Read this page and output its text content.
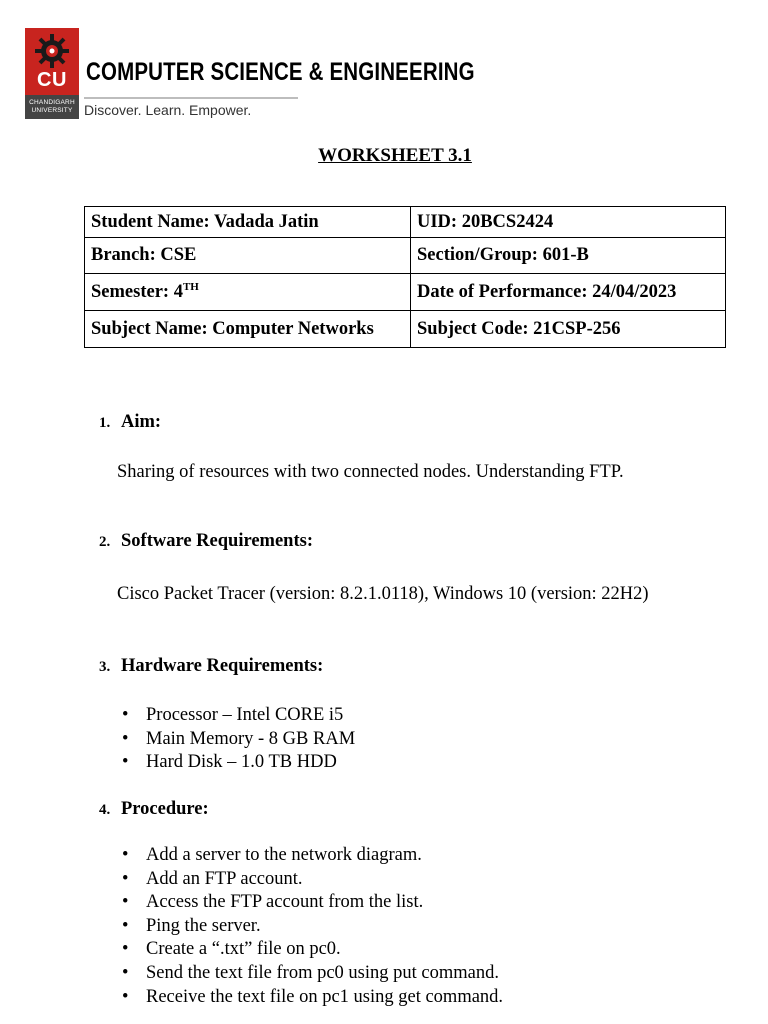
CU
CHANDIGARH UNIVERSITY
COMPUTER SCIENCE & ENGINEERING
Discover. Learn. Empower.
WORKSHEET 3.1
Student Name: Vadada Jatin	UID: 20BCS2424
Branch: CSE	Section/Group: 601-B
Semester: 4TH	Date of Performance: 24/04/2023
Subject Name: Computer Networks	Subject Code: 21CSP-256
1. Aim:
Sharing of resources with two connected nodes. Understanding FTP.
2. Software Requirements:
Cisco Packet Tracer (version: 8.2.1.0118), Windows 10 (version: 22H2)
3. Hardware Requirements:
• Processor – Intel CORE i5
• Main Memory - 8 GB RAM
• Hard Disk – 1.0 TB HDD
4. Procedure:
• Add a server to the network diagram.
• Add an FTP account.
• Access the FTP account from the list.
• Ping the server.
• Create a “.txt” file on pc0.
• Send the text file from pc0 using put command.
• Receive the text file on pc1 using get command.
